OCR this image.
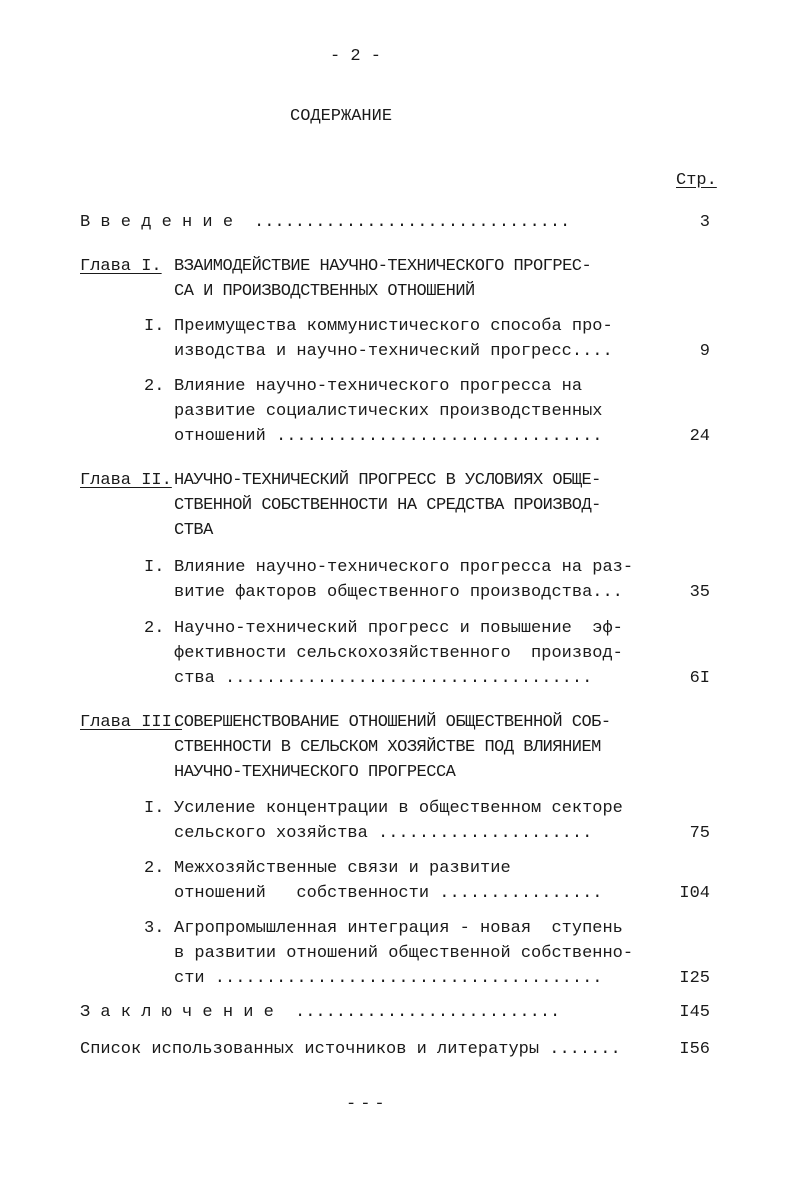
- 2 -
СОДЕРЖАНИЕ
Стр.
В в е д е н и е ...............................	3
Глава I. ВЗАИМОДЕЙСТВИЕ НАУЧНО-ТЕХНИЧЕСКОГО ПРОГРЕС-
СА И ПРОИЗВОДСТВЕННЫХ ОТНОШЕНИЙ
I. Преимущества коммунистического способа про-
изводства и научно-технический прогресс....	9
2. Влияние научно-технического прогресса на
развитие социалистических производственных
отношений ................................	24
Глава II. НАУЧНО-ТЕХНИЧЕСКИЙ ПРОГРЕСС В УСЛОВИЯХ ОБЩЕ-
СТВЕННОЙ СОБСТВЕННОСТИ НА СРЕДСТВА ПРОИЗВОД-
СТВА
I. Влияние научно-технического прогресса на раз-
витие факторов общественного производства...	35
2. Научно-технический прогресс и повышение  эф-
фективности сельскохозяйственного  производ-
ства ....................................	6I
Глава III.
СОВЕРШЕНСТВОВАНИЕ ОТНОШЕНИЙ ОБЩЕСТВЕННОЙ СОБ-
СТВЕННОСТИ В СЕЛЬСКОМ ХОЗЯЙСТВЕ ПОД ВЛИЯНИЕМ
НАУЧНО-ТЕХНИЧЕСКОГО ПРОГРЕССА
I. Усиление концентрации в общественном секторе
сельского хозяйства .....................	75
2. Межхозяйственные связи и развитие
отношений   собственности ................	I04
3. Агропромышленная интеграция - новая  ступень
в развитии отношений общественной собственно-
сти ......................................	I25
З а к л ю ч е н и е ..........................	I45
Список использованных источников и литературы .......	I56
---
